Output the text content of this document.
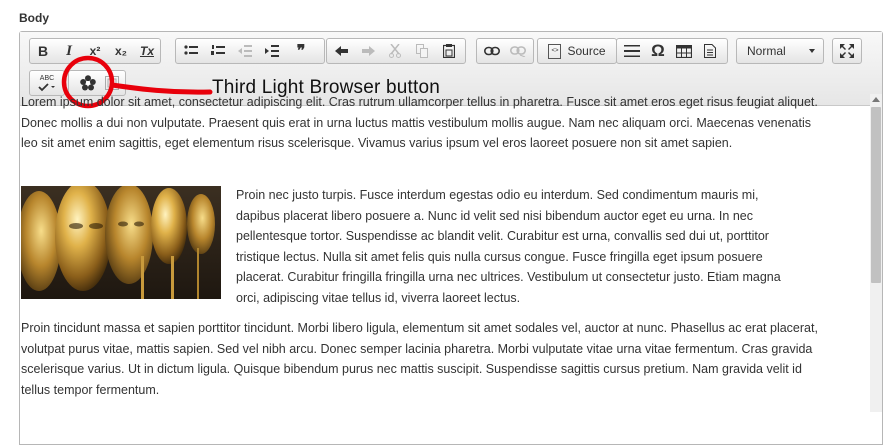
Body
B I x² x₂ Tx	❞	<> Source	Ω	Normal
ABC	Third Light Browser button

Lorem ipsum dolor sit amet, consectetur adipiscing elit. Cras rutrum ullamcorper tellus in pharetra. Fusce sit amet eros eget risus feugiat aliquet. Donec mollis a dui non vulputate. Praesent quis erat in urna luctus mattis vestibulum mollis augue. Nam nec aliquam orci. Maecenas venenatis leo sit amet enim sagittis, eget elementum risus scelerisque. Vivamus varius ipsum vel eros laoreet posuere non sit amet sapien.

Proin nec justo turpis. Fusce interdum egestas odio eu interdum. Sed condimentum mauris mi, dapibus placerat libero posuere a. Nunc id velit sed nisi bibendum auctor eget eu urna. In nec pellentesque tortor. Suspendisse ac blandit velit. Curabitur est urna, convallis sed dui ut, porttitor tristique lectus. Nulla sit amet felis quis nulla cursus congue. Fusce fringilla eget ipsum posuere placerat. Curabitur fringilla fringilla urna nec ultrices. Vestibulum ut consectetur justo. Etiam magna orci, adipiscing vitae tellus id, viverra laoreet lectus.

Proin tincidunt massa et sapien porttitor tincidunt. Morbi libero ligula, elementum sit amet sodales vel, auctor at nunc. Phasellus ac erat placerat, volutpat purus vitae, mattis sapien. Sed vel nibh arcu. Donec semper lacinia pharetra. Morbi vulputate vitae urna vitae fermentum. Cras gravida scelerisque varius. Ut in dictum ligula. Quisque bibendum purus nec mattis suscipit. Suspendisse sagittis cursus pretium. Nam gravida velit id tellus tempor fermentum.
